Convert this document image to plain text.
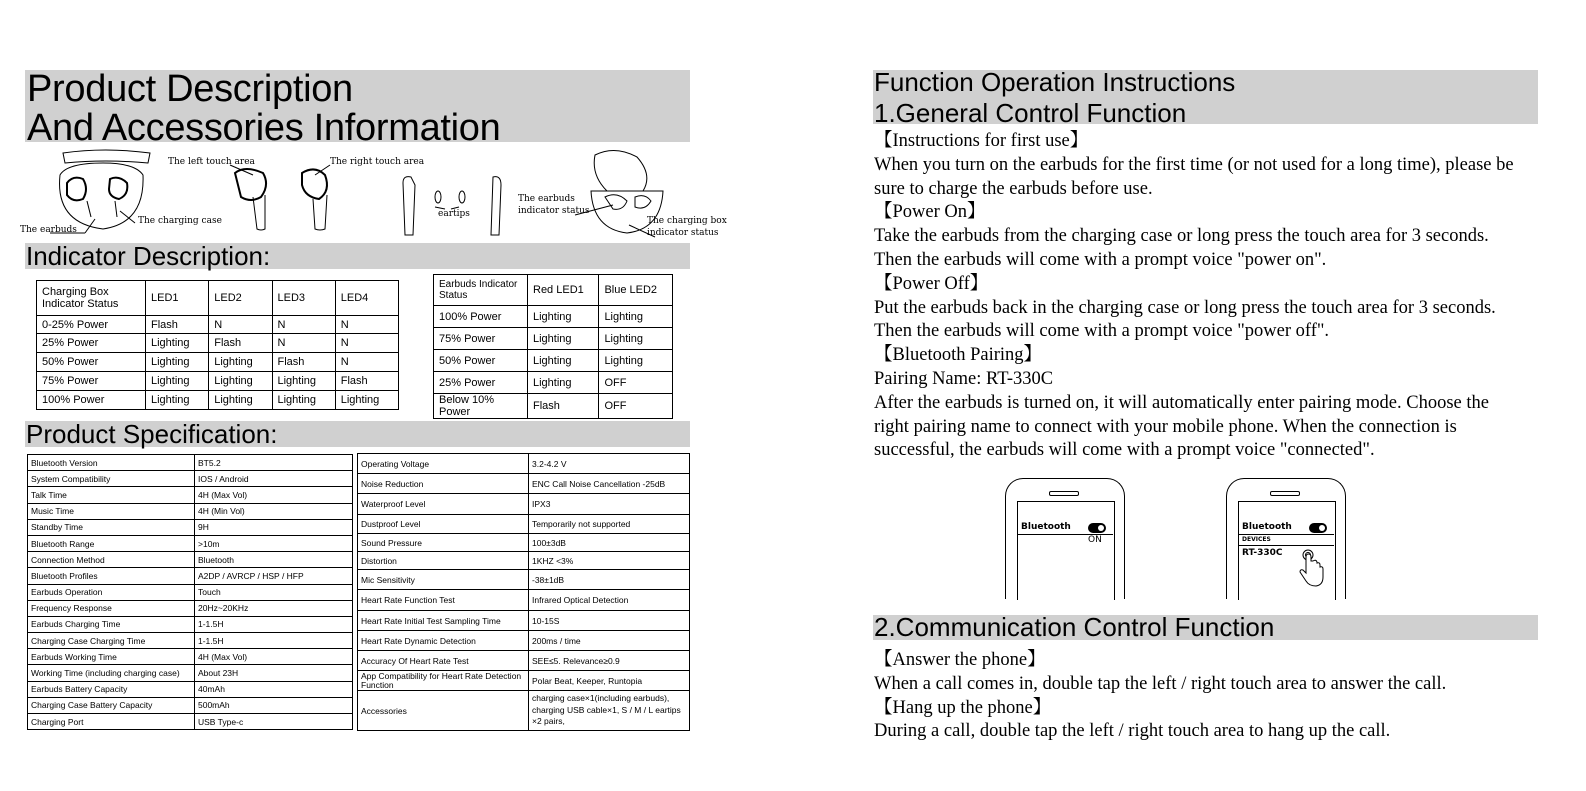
Product Description
And Accessories Information
The earbuds
The charging case
The left touch area	The right touch area
eartips
The earbuds
indicator status
The charging box
indicator status
Indicator Description:
Charging Box Indicator Status	LED1	LED2	LED3	LED4
0-25% Power	Flash	N	N	N
25% Power	Lighting	Flash	N	N
50% Power	Lighting	Lighting	Flash	N
75% Power	Lighting	Lighting	Lighting	Flash
100% Power	Lighting	Lighting	Lighting	Lighting
Earbuds Indicator Status	Red LED1	Blue LED2
100% Power	Lighting	Lighting
75% Power	Lighting	Lighting
50% Power	Lighting	Lighting
25% Power	Lighting	OFF
Below 10% Power	Flash	OFF
Product Specification:
Bluetooth Version	BT5.2
System Compatibility	IOS / Android
Talk Time	4H (Max Vol)
Music Time	4H (Min Vol)
Standby Time	9H
Bluetooth Range	>10m
Connection Method	Bluetooth
Bluetooth Profiles	A2DP / AVRCP / HSP / HFP
Earbuds Operation	Touch
Frequency Response	20Hz~20KHz
Earbuds Charging Time	1-1.5H
Charging Case Charging Time	1-1.5H
Earbuds Working Time	4H (Max Vol)
Working Time (including charging case)	About 23H
Earbuds Battery Capacity	40mAh
Charging Case Battery Capacity	500mAh
Charging Port	USB Type-c
Operating Voltage	3.2-4.2 V
Noise Reduction	ENC Call Noise Cancellation -25dB
Waterproof Level	IPX3
Dustproof Level	Temporarily not supported
Sound Pressure	100±3dB
Distortion	1KHZ <3%
Mic Sensitivity	-38±1dB
Heart Rate Function Test	Infrared Optical Detection
Heart Rate Initial Test Sampling Time	10-15S
Heart Rate Dynamic Detection	200ms / time
Accuracy Of Heart Rate Test	SEE≤5. Relevance≥0.9
App Compatibility for Heart Rate Detection Function	Polar Beat, Keeper, Runtopia
Accessories	charging case×1(including earbuds), charging USB cable×1, S / M / L eartips ×2 pairs,
Function Operation Instructions
1.General Control Function
【Instructions for first use】
When you turn on the earbuds for the first time (or not used for a long time), please be
sure to charge the earbuds before use.
【Power On】
Take the earbuds from the charging case or long press the touch area for 3 seconds.
Then the earbuds will come with a prompt voice "power on".
【Power Off】
Put the earbuds back in the charging case or long press the touch area for 3 seconds.
Then the earbuds will come with a prompt voice "power off".
【Bluetooth Pairing】
Pairing Name: RT-330C
After the earbuds is turned on, it will automatically enter pairing mode. Choose the
right pairing name to connect with your mobile phone. When the connection is
successful, the earbuds will come with a prompt voice "connected".
Bluetooth
ON
Bluetooth
DEVICES
RT-330C
2.Communication Control Function
【Answer the phone】
When a call comes in, double tap the left / right touch area to answer the call.
【Hang up the phone】
During a call, double tap the left / right touch area to hang up the call.
